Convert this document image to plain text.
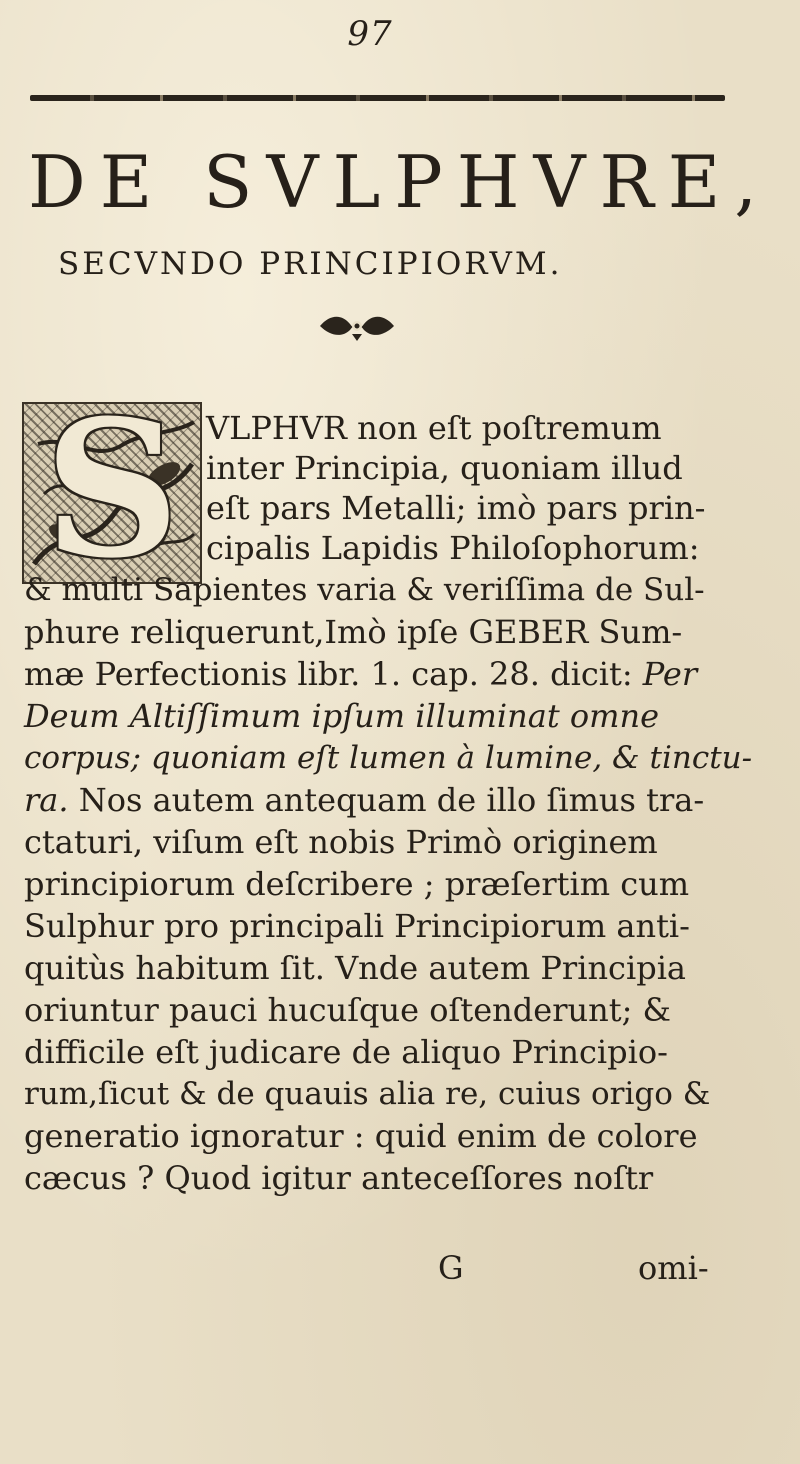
97
DE SVLPHVRE,
SECVNDO PRINCIPIORVM.
S VLPHVR non eſt poſtremum
inter Principia, quoniam illud
eſt pars Metalli; imò pars prin-
cipalis Lapidis Philoſophorum:
& multi Sapientes varia & veriſſima de Sul-
phure reliquerunt,Imò ipſe GEBER Sum-
mæ Perfectionis libr. 1. cap. 28. dicit: Per
Deum Altiſſimum ipſum illuminat omne
corpus; quoniam eſt lumen à lumine, & tinctu-
ra. Nos autem antequam de illo ſimus tra-
ctaturi, viſum eſt nobis Primò originem
principiorum deſcribere ; præſertim cum
Sulphur pro principali Principiorum anti-
quitùs habitum ſit. Vnde autem Principia
oriuntur pauci hucuſque oſtenderunt; &
difficile eſt judicare de aliquo Principio-
rum,ſicut & de quauis alia re, cuius origo &
generatio ignoratur : quid enim de colore
cæcus ? Quod igitur anteceſſores noſtr
G	omi-
